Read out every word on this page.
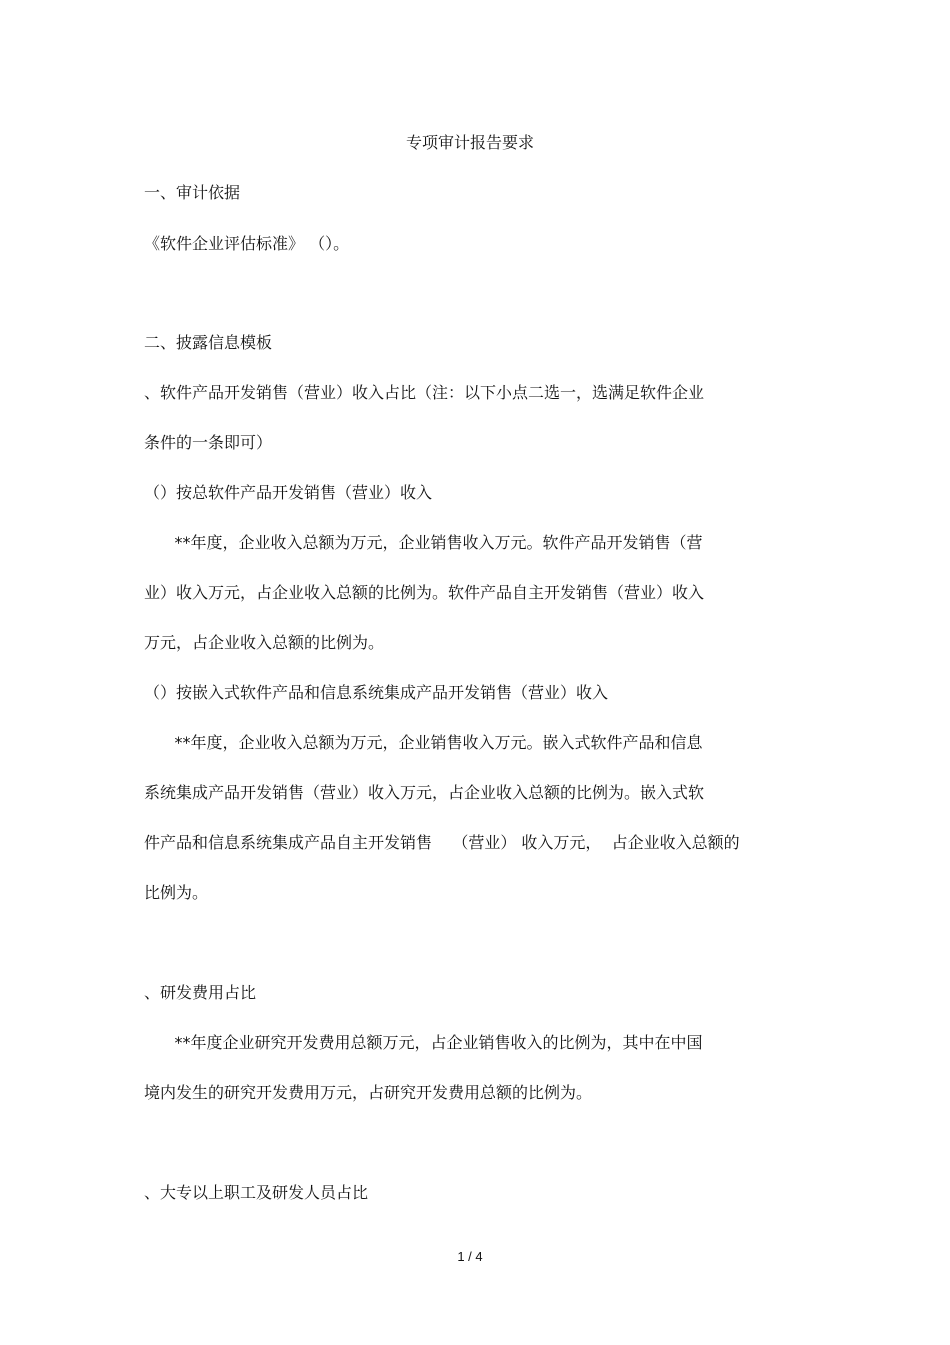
专项审计报告要求
一、审计依据
《软件企业评估标准》 （）。
二、披露信息模板
、软件产品开发销售（营业）收入占比（注：以下小点二选一，选满足软件企业
条件的一条即可）
（）按总软件产品开发销售（营业）收入
**年度，企业收入总额为万元，企业销售收入万元。软件产品开发销售（营
业）收入万元，占企业收入总额的比例为。软件产品自主开发销售（营业）收入
万元，占企业收入总额的比例为。
（）按嵌入式软件产品和信息系统集成产品开发销售（营业）收入
**年度，企业收入总额为万元，企业销售收入万元。嵌入式软件产品和信息
系统集成产品开发销售（营业）收入万元，占企业收入总额的比例为。嵌入式软
件产品和信息系统集成产品自主开发销售    （营业） 收入万元，  占企业收入总额的
比例为。
、研发费用占比
**年度企业研究开发费用总额万元，占企业销售收入的比例为，其中在中国
境内发生的研究开发费用万元，占研究开发费用总额的比例为。
、大专以上职工及研发人员占比
1 / 4
